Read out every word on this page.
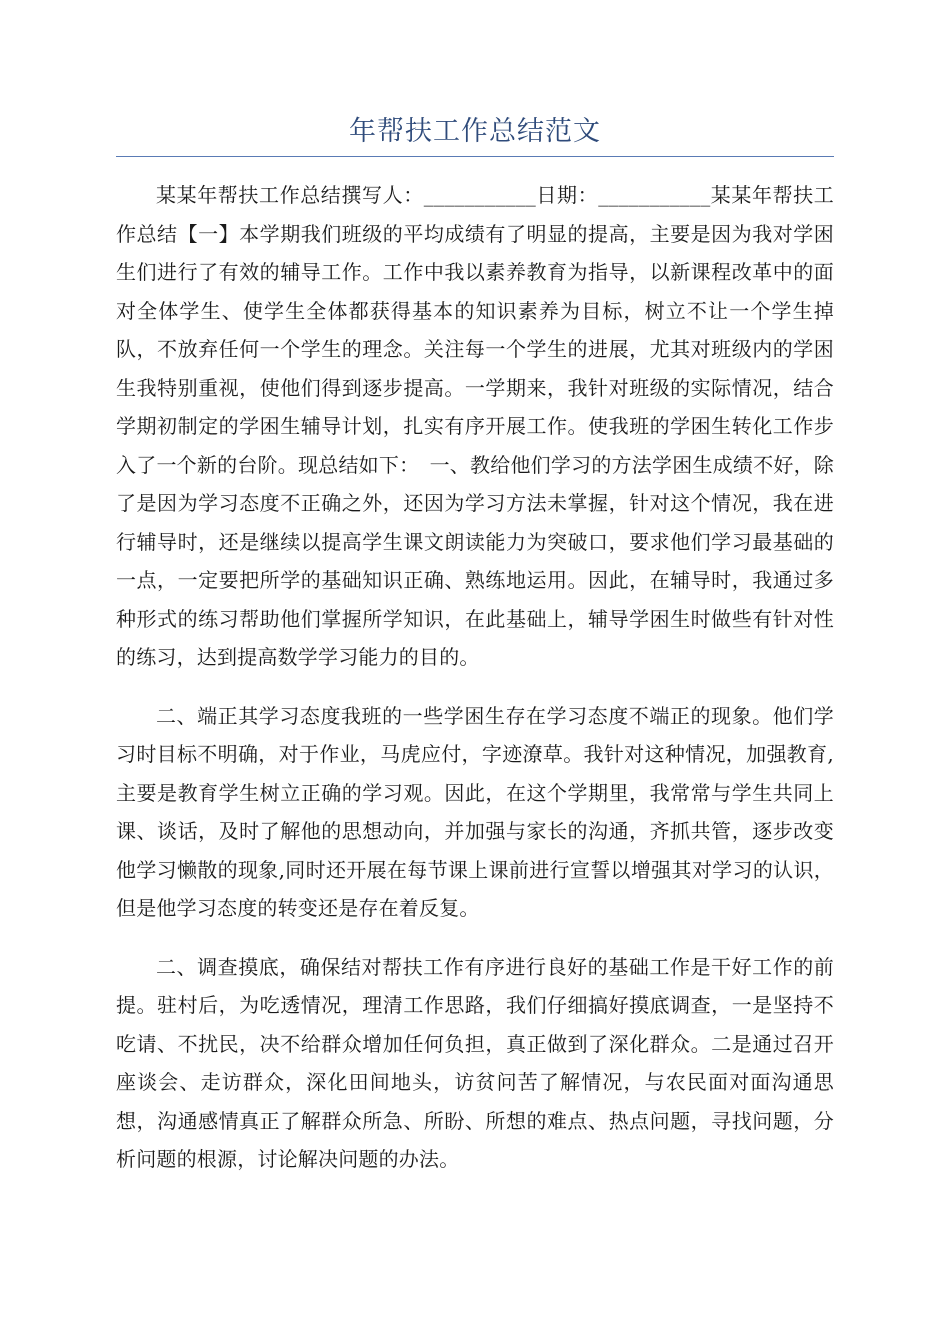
年帮扶工作总结范文

某某年帮扶工作总结撰写人：___________日期：___________某某年帮扶工作总结【一】本学期我们班级的平均成绩有了明显的提高，主要是因为我对学困生们进行了有效的辅导工作。工作中我以素养教育为指导，以新课程改革中的面对全体学生、使学生全体都获得基本的知识素养为目标，树立不让一个学生掉队，不放弃任何一个学生的理念。关注每一个学生的进展，尤其对班级内的学困生我特别重视，使他们得到逐步提高。一学期来，我针对班级的实际情况，结合学期初制定的学困生辅导计划，扎实有序开展工作。使我班的学困生转化工作步入了一个新的台阶。现总结如下：　一、教给他们学习的方法学困生成绩不好，除了是因为学习态度不正确之外，还因为学习方法未掌握，针对这个情况，我在进行辅导时，还是继续以提高学生课文朗读能力为突破口，要求他们学习最基础的一点，一定要把所学的基础知识正确、熟练地运用。因此，在辅导时，我通过多种形式的练习帮助他们掌握所学知识，在此基础上，辅导学困生时做些有针对性的练习，达到提高数学学习能力的目的。

二、端正其学习态度我班的一些学困生存在学习态度不端正的现象。他们学习时目标不明确，对于作业，马虎应付，字迹潦草。我针对这种情况，加强教育,主要是教育学生树立正确的学习观。因此，在这个学期里，我常常与学生共同上课、谈话，及时了解他的思想动向，并加强与家长的沟通，齐抓共管，逐步改变他学习懒散的现象,同时还开展在每节课上课前进行宣誓以增强其对学习的认识，但是他学习态度的转变还是存在着反复。

二、调查摸底，确保结对帮扶工作有序进行良好的基础工作是干好工作的前提。驻村后，为吃透情况，理清工作思路，我们仔细搞好摸底调查，一是坚持不吃请、不扰民，决不给群众增加任何负担，真正做到了深化群众。二是通过召开座谈会、走访群众，深化田间地头，访贫问苦了解情况，与农民面对面沟通思想，沟通感情真正了解群众所急、所盼、所想的难点、热点问题，寻找问题，分析问题的根源，讨论解决问题的办法。
